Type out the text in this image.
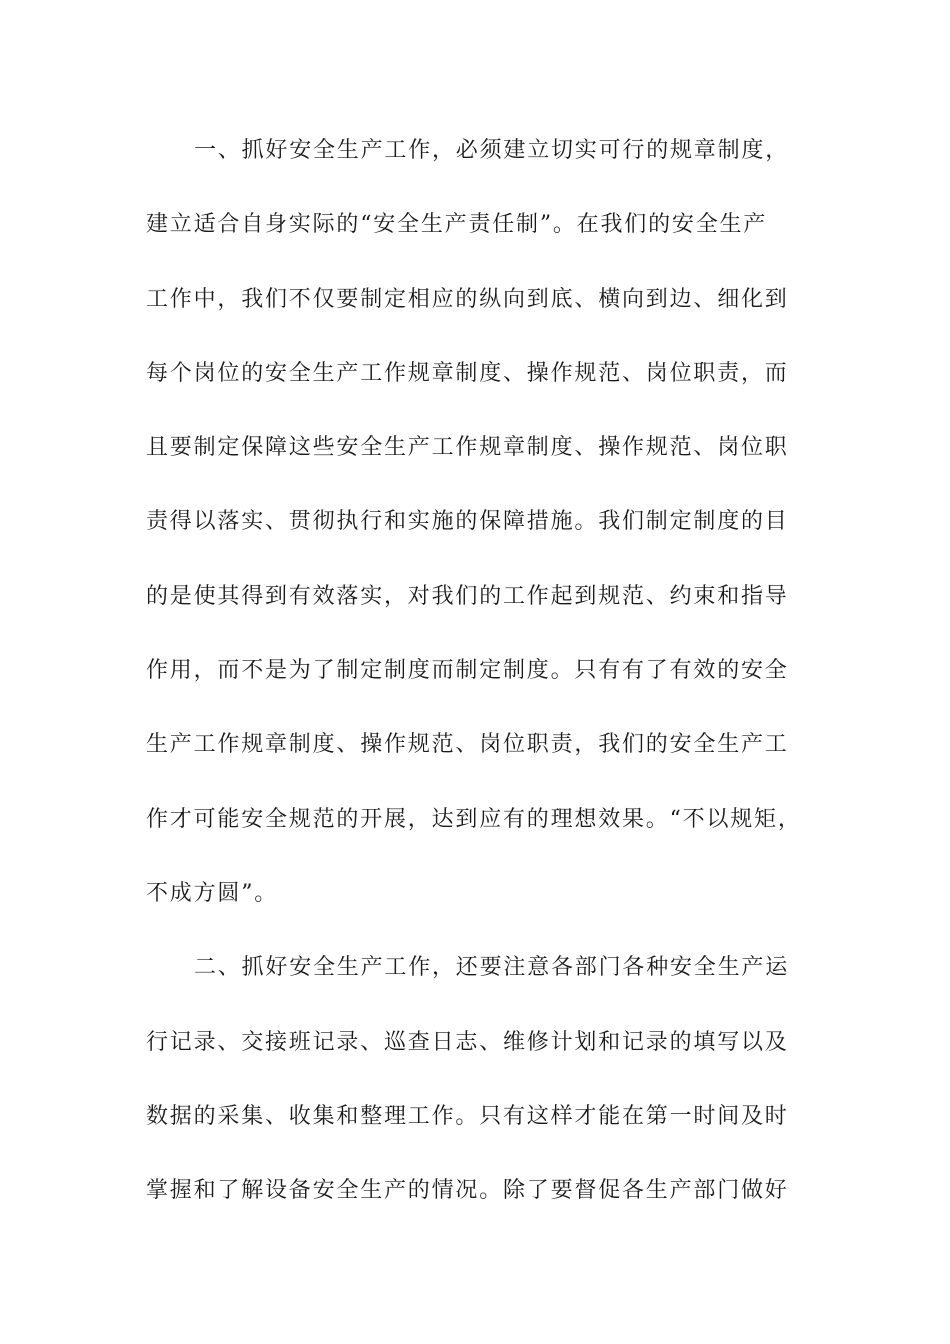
一、抓好安全生产工作，必须建立切实可行的规章制度，
建立适合自身实际的“安全生产责任制”。在我们的安全生产
工作中，我们不仅要制定相应的纵向到底、横向到边、细化到
每个岗位的安全生产工作规章制度、操作规范、岗位职责，而
且要制定保障这些安全生产工作规章制度、操作规范、岗位职
责得以落实、贯彻执行和实施的保障措施。我们制定制度的目
的是使其得到有效落实，对我们的工作起到规范、约束和指导
作用，而不是为了制定制度而制定制度。只有有了有效的安全
生产工作规章制度、操作规范、岗位职责，我们的安全生产工
作才可能安全规范的开展，达到应有的理想效果。“不以规矩，
不成方圆”。
二、抓好安全生产工作，还要注意各部门各种安全生产运
行记录、交接班记录、巡查日志、维修计划和记录的填写以及
数据的采集、收集和整理工作。只有这样才能在第一时间及时
掌握和了解设备安全生产的情况。除了要督促各生产部门做好
